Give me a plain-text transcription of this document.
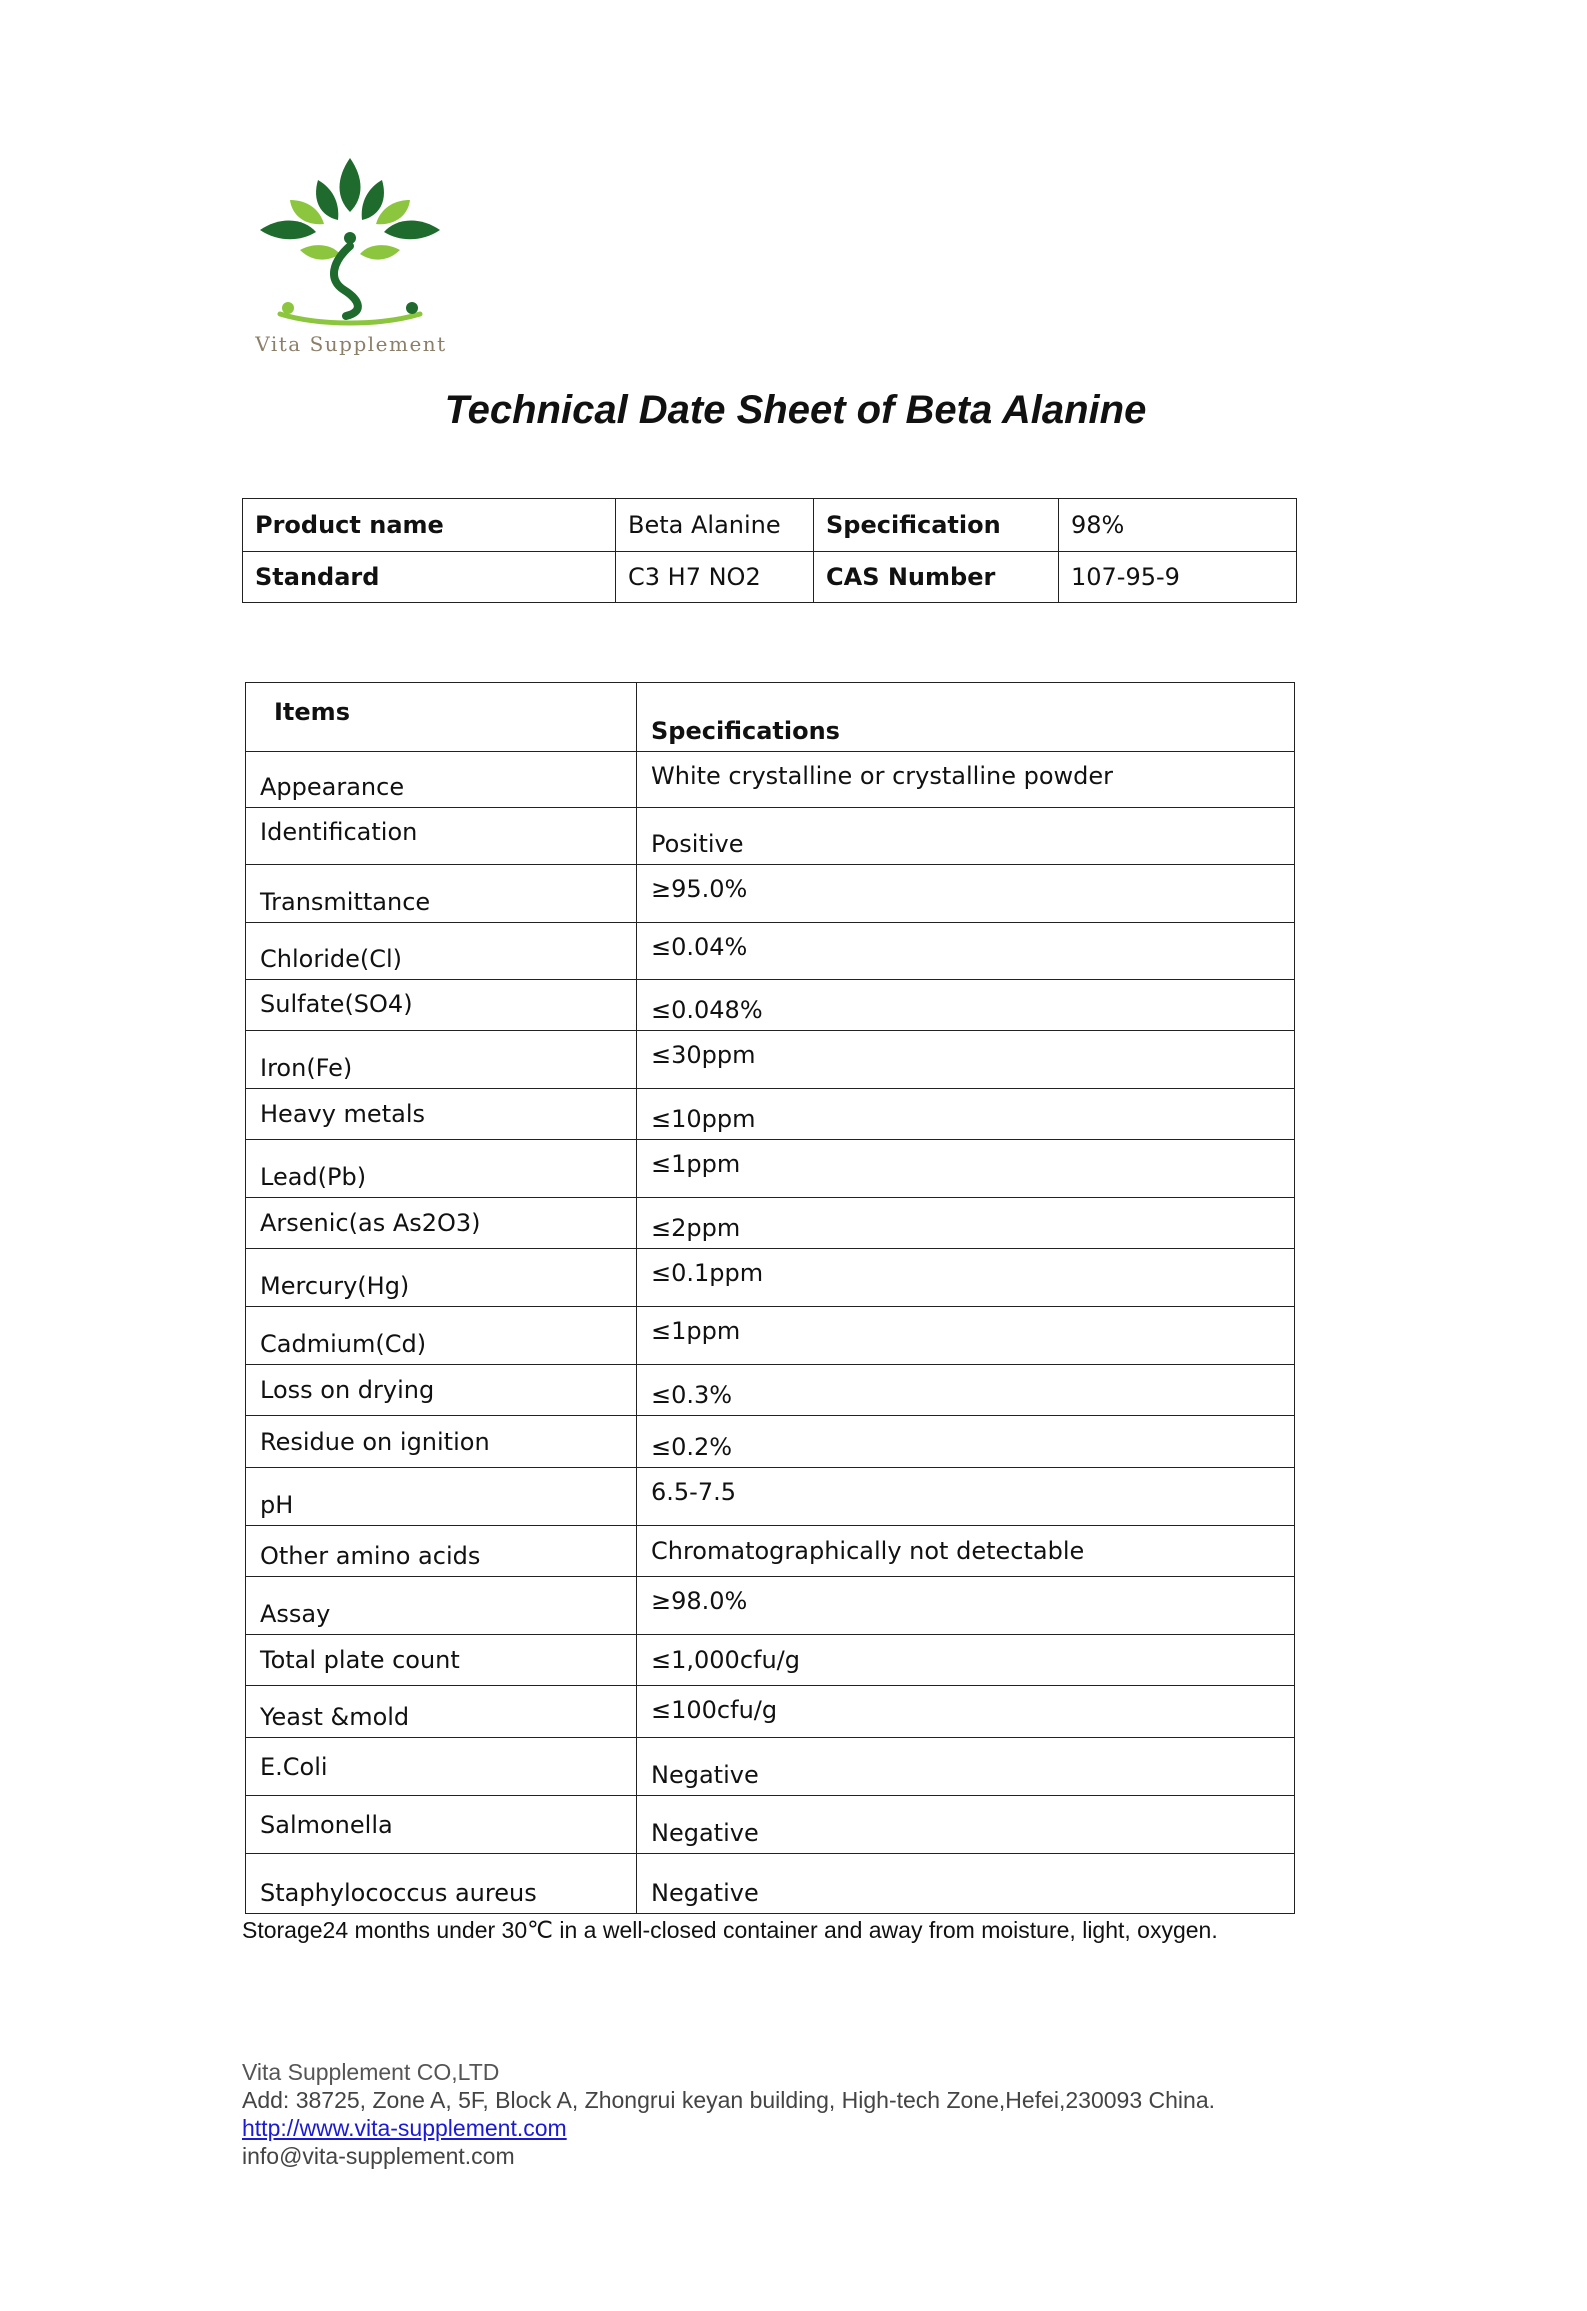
Vita Supplement
Technical Date Sheet of Beta Alanine
Product name	Beta Alanine	Specification	98%
Standard	C3 H7 NO2	CAS Number	107-95-9
Items	Specifications
Appearance	White crystalline or crystalline powder
Identification	Positive
Transmittance	≥95.0%
Chloride(Cl)	≤0.04%
Sulfate(SO4)	≤0.048%
Iron(Fe)	≤30ppm
Heavy metals	≤10ppm
Lead(Pb)	≤1ppm
Arsenic(as As2O3)	≤2ppm
Mercury(Hg)	≤0.1ppm
Cadmium(Cd)	≤1ppm
Loss on drying	≤0.3%
Residue on ignition	≤0.2%
pH	6.5-7.5
Other amino acids	Chromatographically not detectable
Assay	≥98.0%
Total plate count	≤1,000cfu/g
Yeast &mold	≤100cfu/g
E.Coli	Negative
Salmonella	Negative
Staphylococcus aureus	Negative
Storage24 months under 30℃ in a well-closed container and away from moisture, light, oxygen.
Vita Supplement CO,LTD
Add: 38725, Zone A, 5F, Block A, Zhongrui keyan building, High-tech Zone,Hefei,230093 China.
http://www.vita-supplement.com
info@vita-supplement.com
